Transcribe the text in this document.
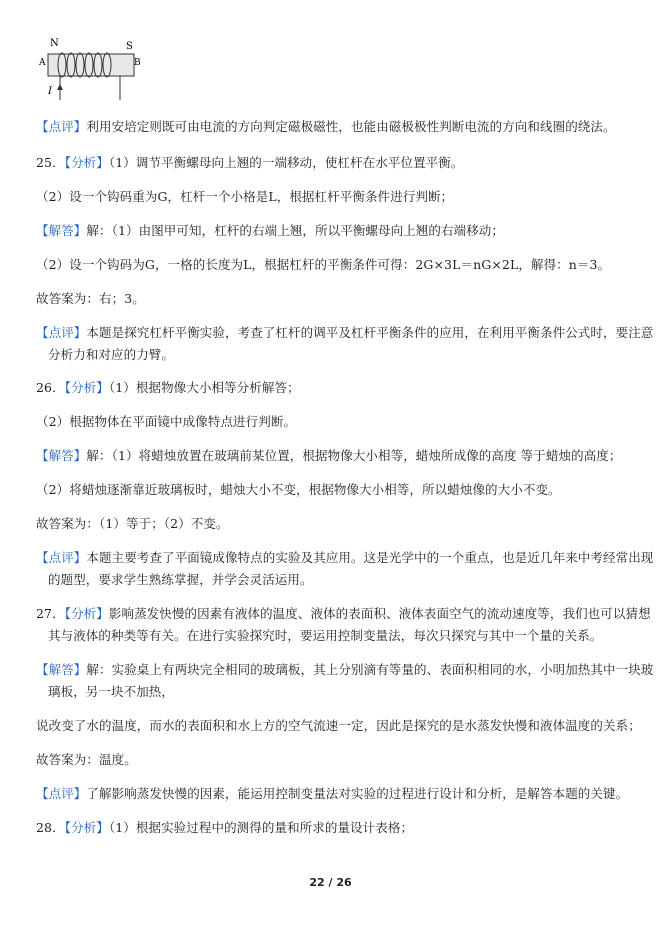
N	S
A	B
I
【点评】利用安培定则既可由电流的方向判定磁极磁性，也能由磁极极性判断电流的方向和线圈的绕法。
25．【分析】（1）调节平衡螺母向上翘的一端移动，使杠杆在水平位置平衡。
（2）设一个钩码重为G，杠杆一个小格是L，根据杠杆平衡条件进行判断；
【解答】解：（1）由图甲可知，杠杆的右端上翘，所以平衡螺母向上翘的右端移动；
（2）设一个钩码为G，一格的长度为L，根据杠杆的平衡条件可得：2G×3L＝nG×2L，解得：n＝3。
故答案为：右；3。
【点评】本题是探究杠杆平衡实验，考查了杠杆的调平及杠杆平衡条件的应用，在利用平衡条件公式时，要注意
分析力和对应的力臂。
26．【分析】（1）根据物像大小相等分析解答；
（2）根据物体在平面镜中成像特点进行判断。
【解答】解：（1）将蜡烛放置在玻璃前某位置，根据物像大小相等，蜡烛所成像的高度 等于蜡烛的高度；
（2）将蜡烛逐渐靠近玻璃板时，蜡烛大小不变，根据物像大小相等，所以蜡烛像的大小不变。
故答案为：（1）等于；（2）不变。
【点评】本题主要考查了平面镜成像特点的实验及其应用。这是光学中的一个重点，也是近几年来中考经常出现
的题型，要求学生熟练掌握，并学会灵活运用。
27．【分析】影响蒸发快慢的因素有液体的温度、液体的表面积、液体表面空气的流动速度等，我们也可以猜想
其与液体的种类等有关。在进行实验探究时，要运用控制变量法，每次只探究与其中一个量的关系。
【解答】解：实验桌上有两块完全相同的玻璃板，其上分别滴有等量的、表面积相同的水，小明加热其中一块玻
璃板，另一块不加热，
说改变了水的温度，而水的表面积和水上方的空气流速一定，因此是探究的是水蒸发快慢和液体温度的关系；
故答案为：温度。
【点评】了解影响蒸发快慢的因素，能运用控制变量法对实验的过程进行设计和分析，是解答本题的关键。
28．【分析】（1）根据实验过程中的测得的量和所求的量设计表格；
22 / 26
